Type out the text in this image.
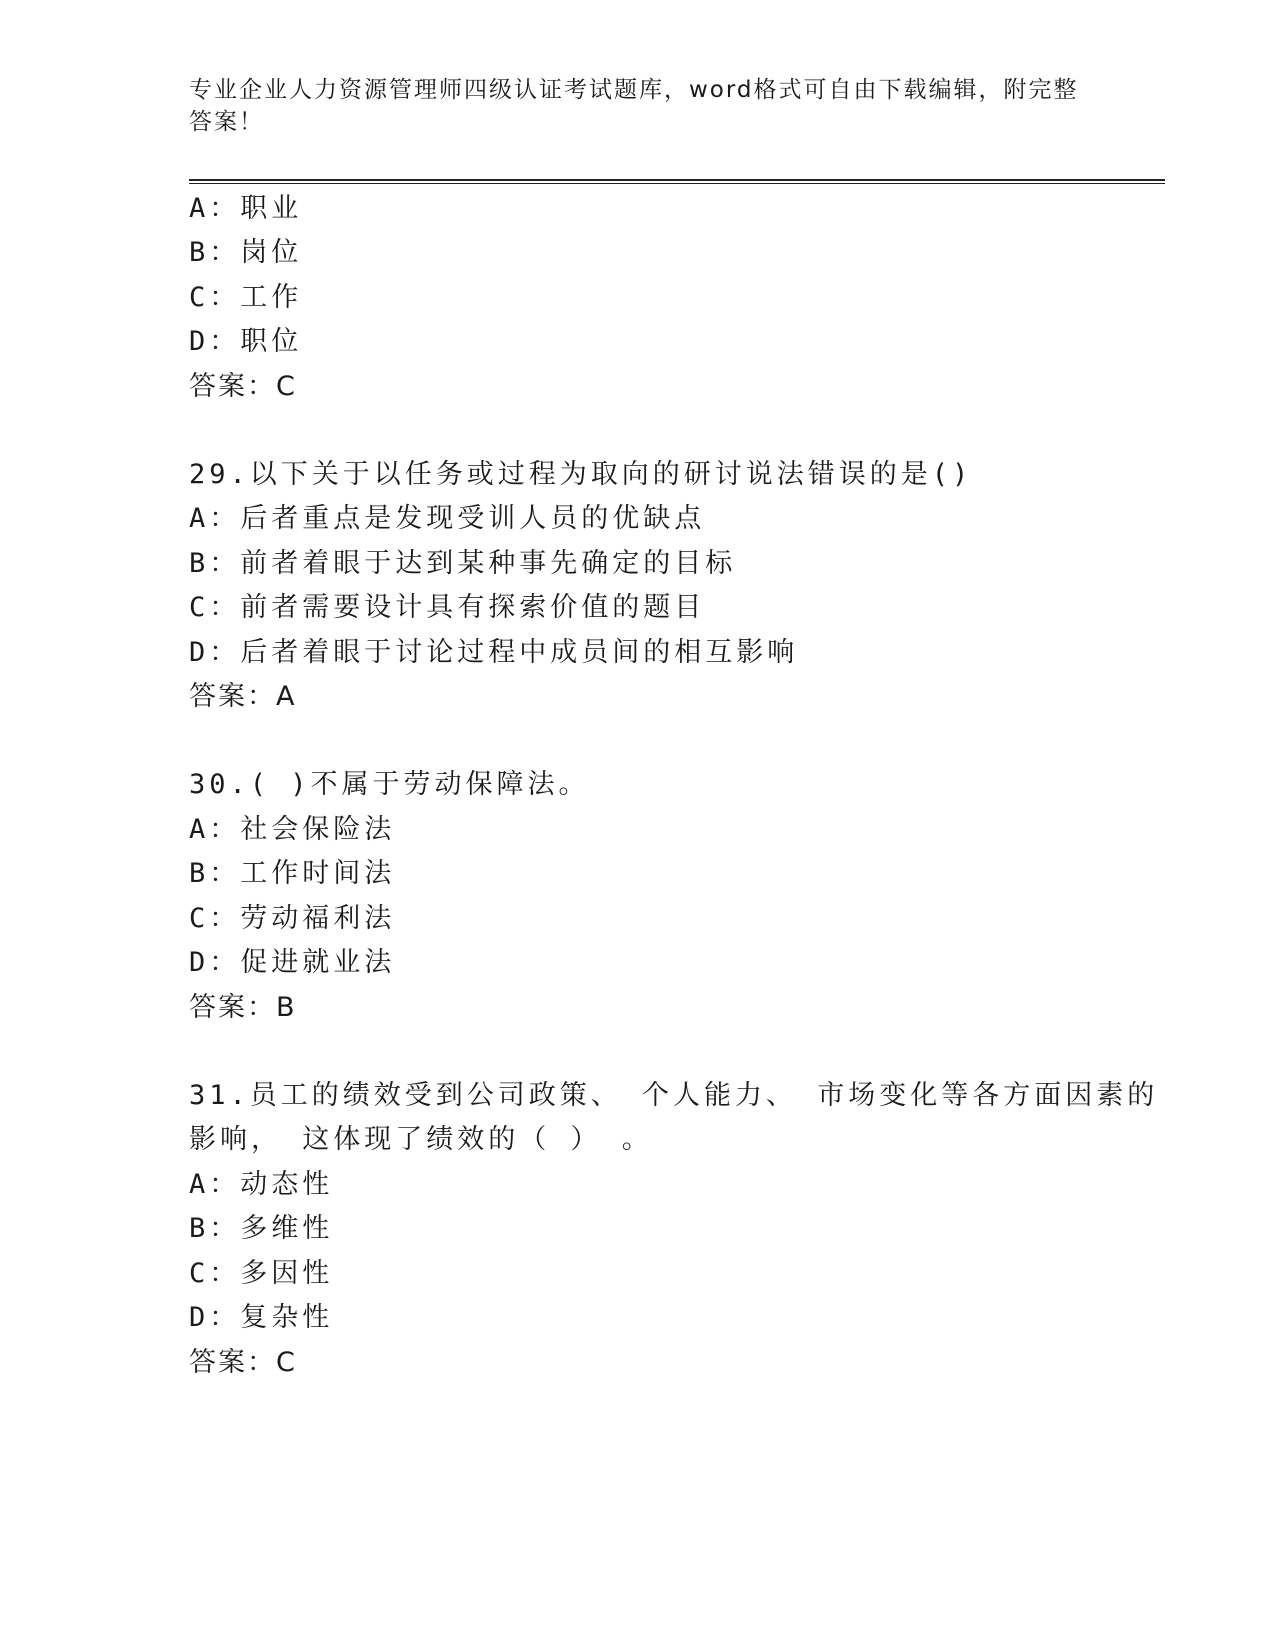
专业企业人力资源管理师四级认证考试题库，word格式可自由下载编辑，附完整
答案！
A：职业
B：岗位
C：工作
D：职位
答案：C
29.以下关于以任务或过程为取向的研讨说法错误的是()
A：后者重点是发现受训人员的优缺点
B：前者着眼于达到某种事先确定的目标
C：前者需要设计具有探索价值的题目
D：后者着眼于讨论过程中成员间的相互影响
答案：A
30.( )不属于劳动保障法。
A：社会保险法
B：工作时间法
C：劳动福利法
D：促进就业法
答案：B
31.员工的绩效受到公司政策、 个人能力、 市场变化等各方面因素的
影响， 这体现了绩效的（ ） 。
A：动态性
B：多维性
C：多因性
D：复杂性
答案：C
